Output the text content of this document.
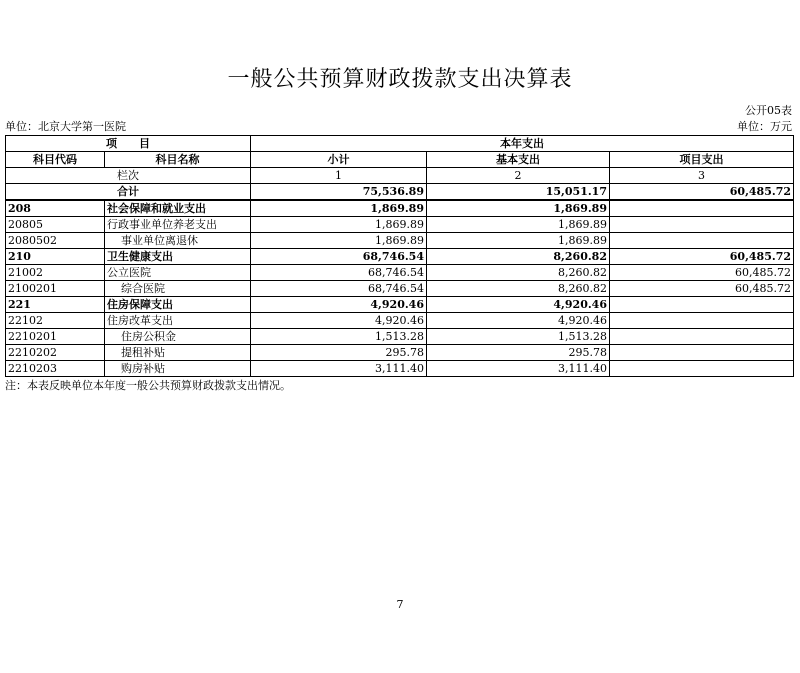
一般公共预算财政拨款支出决算表
公开05表
单位：北京大学第一医院	单位：万元
项　　目		本年支出		
科目代码	科目名称	小计	基本支出	项目支出
栏次		1	2	3
合计		75,536.89	15,051.17	60,485.72
208	社会保障和就业支出	1,869.89	1,869.89	
20805	行政事业单位养老支出	1,869.89	1,869.89	
2080502	事业单位离退休	1,869.89	1,869.89	
210	卫生健康支出	68,746.54	8,260.82	60,485.72
21002	公立医院	68,746.54	8,260.82	60,485.72
2100201	综合医院	68,746.54	8,260.82	60,485.72
221	住房保障支出	4,920.46	4,920.46	
22102	住房改革支出	4,920.46	4,920.46	
2210201	住房公积金	1,513.28	1,513.28	
2210202	提租补贴	295.78	295.78	
2210203	购房补贴	3,111.40	3,111.40	
注：本表反映单位本年度一般公共预算财政拨款支出情况。
7
